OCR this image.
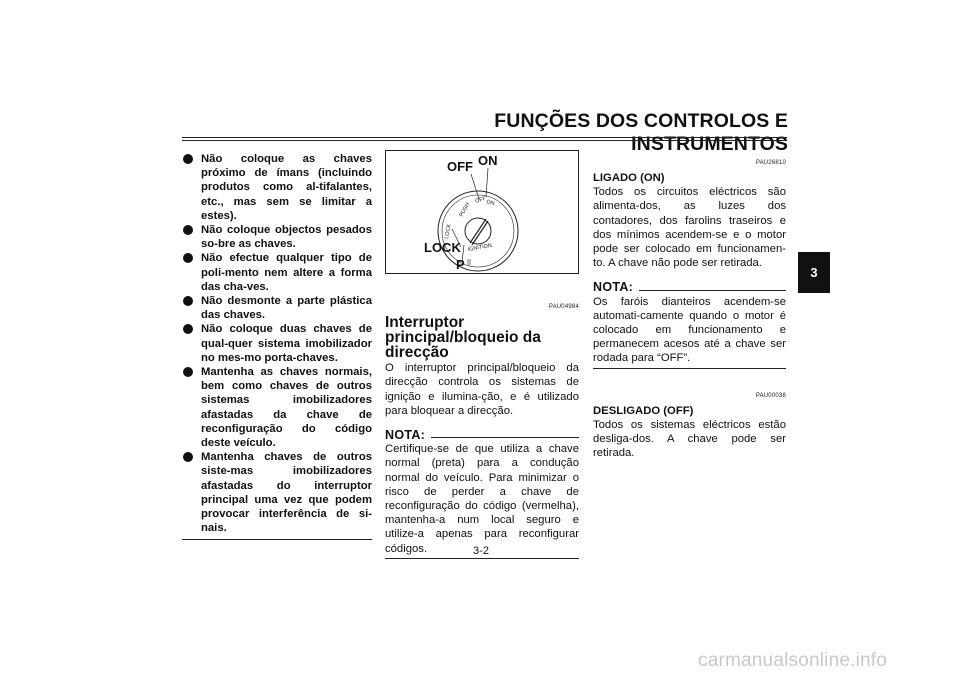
FUNÇÕES DOS CONTROLOS E INSTRUMENTOS
Não coloque as chaves próximo de ímans (incluindo produtos como al-tifalantes, etc., mas sem se limitar a estes).
Não coloque objectos pesados so-bre as chaves.
Não efectue qualquer tipo de poli-mento nem altere a forma das cha-ves.
Não desmonte a parte plástica das chaves.
Não coloque duas chaves de qual-quer sistema imobilizador no mes-mo porta-chaves.
Mantenha as chaves normais, bem como chaves de outros sistemas imobilizadores afastadas da chave de reconfiguração do código deste veículo.
Mantenha chaves de outros siste-mas imobilizadores afastadas do interruptor principal uma vez que podem provocar interferência de si-nais.
OFF ON
LOCK
P
PUSH
OFF
ON
LOCK
IGNITION
PAU04984
Interruptor principal/bloqueio da direcção

O interruptor principal/bloqueio da direcção controla os sistemas de ignição e ilumina-ção, e é utilizado para bloquear a direcção.

NOTA:

Certifique-se de que utiliza a chave normal (preta) para a condução normal do veículo. Para minimizar o risco de perder a chave de reconfiguração do código (vermelha), mantenha-a num local seguro e utilize-a apenas para reconfigurar códigos.

PAU26810
LIGADO (ON)

Todos os circuitos eléctricos são alimenta-dos, as luzes dos contadores, dos farolins traseiros e dos mínimos acendem-se e o motor pode ser colocado em funcionamen-to. A chave não pode ser retirada.

NOTA:

Os faróis dianteiros acendem-se automati-camente quando o motor é colocado em funcionamento e permanecem acesos até a chave ser rodada para “OFF”.

PAU00038
DESLIGADO (OFF)

Todos os sistemas eléctricos estão desliga-dos. A chave pode ser retirada.

3
3-2
carmanualsonline.info
